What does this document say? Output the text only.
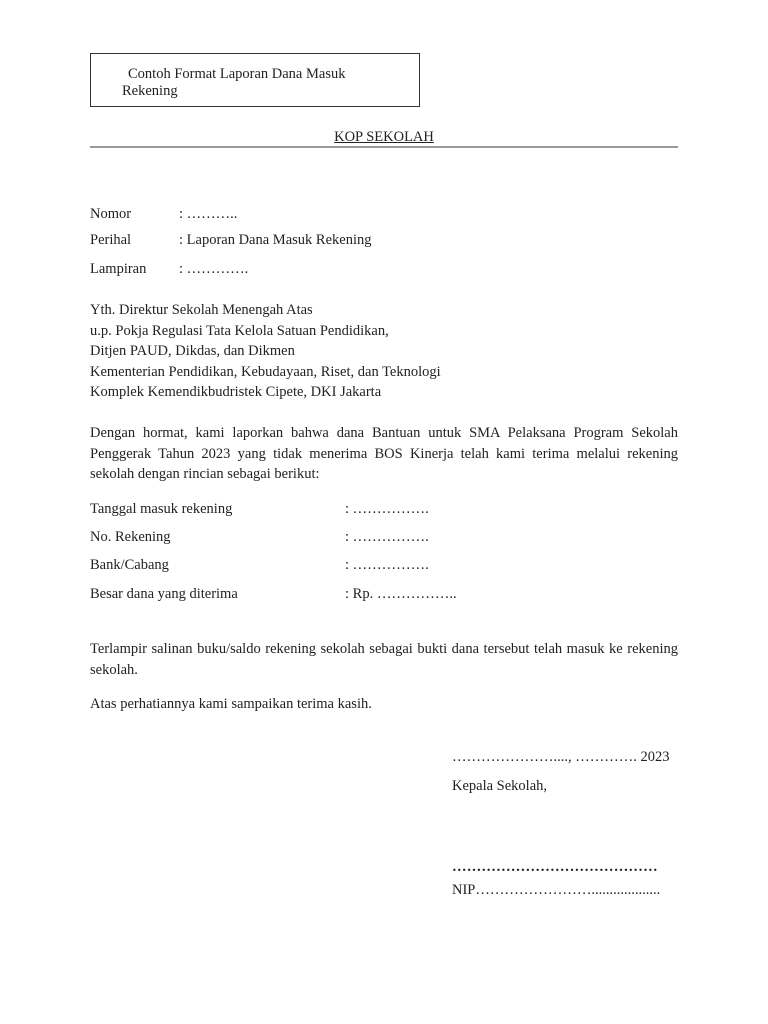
Contoh Format Laporan Dana Masuk
Rekening
KOP SEKOLAH
Nomor	: ………..
Perihal	: Laporan Dana Masuk Rekening
Lampiran : ………….
Yth. Direktur Sekolah Menengah Atas
u.p. Pokja Regulasi Tata Kelola Satuan Pendidikan,
Ditjen PAUD, Dikdas, dan Dikmen
Kementerian Pendidikan, Kebudayaan, Riset, dan Teknologi
Komplek Kemendikbudristek Cipete, DKI Jakarta
Dengan hormat, kami laporkan bahwa dana Bantuan untuk SMA Pelaksana Program Sekolah Penggerak Tahun 2023 yang tidak menerima BOS Kinerja telah kami terima melalui rekening sekolah dengan rincian sebagai berikut:
Tanggal masuk rekening	: …………….
No. Rekening	: …………….
Bank/Cabang	: …………….
Besar dana yang diterima	: Rp. ……………..
Terlampir salinan buku/saldo rekening sekolah sebagai bukti dana tersebut telah masuk ke rekening sekolah.
Atas perhatiannya kami sampaikan terima kasih.
…………………...., …………. 2023
Kepala Sekolah,
……………………………………
NIP……………………...................
